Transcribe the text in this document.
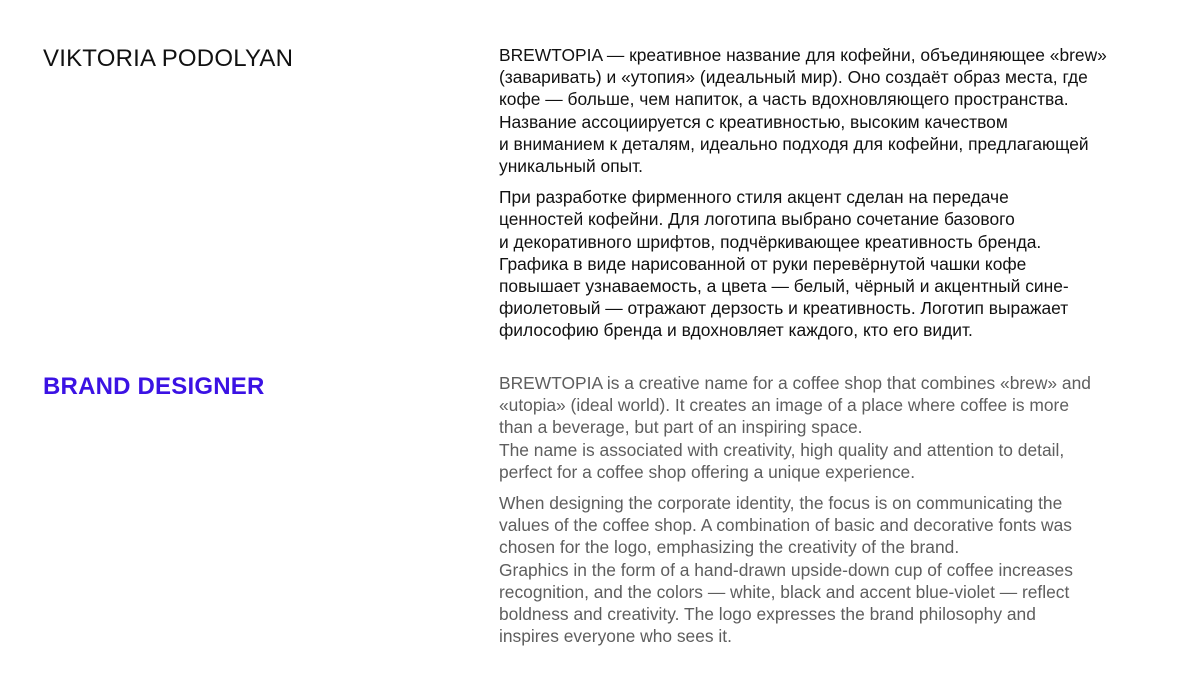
VIKTORIA PODOLYAN	BREWTOPIA — креативное название для кофейни, объединяющее «brew»
(заваривать) и «утопия» (идеальный мир). Оно создаёт образ места, где
кофе — больше, чем напиток, а часть вдохновляющего пространства.
Название ассоциируется с креативностью, высоким качеством
и вниманием к деталям, идеально подходя для кофейни, предлагающей
уникальный опыт.

При разработке фирменного стиля акцент сделан на передаче
ценностей кофейни. Для логотипа выбрано сочетание базового
и декоративного шрифтов, подчёркивающее креативность бренда.
Графика в виде нарисованной от руки перевёрнутой чашки кофе
повышает узнаваемость, а цвета — белый, чёрный и акцентный сине-
фиолетовый — отражают дерзость и креативность. Логотип выражает
философию бренда и вдохновляет каждого, кто его видит.

BRAND DESIGNER	BREWTOPIA is a creative name for a coffee shop that combines «brew» and
«utopia» (ideal world). It creates an image of a place where coffee is more
than a beverage, but part of an inspiring space.
The name is associated with creativity, high quality and attention to detail,
perfect for a coffee shop offering a unique experience.

When designing the corporate identity, the focus is on communicating the
values of the coffee shop. A combination of basic and decorative fonts was
chosen for the logo, emphasizing the creativity of the brand.
Graphics in the form of a hand-drawn upside-down cup of coffee increases
recognition, and the colors — white, black and accent blue-violet — reflect
boldness and creativity. The logo expresses the brand philosophy and
inspires everyone who sees it.
